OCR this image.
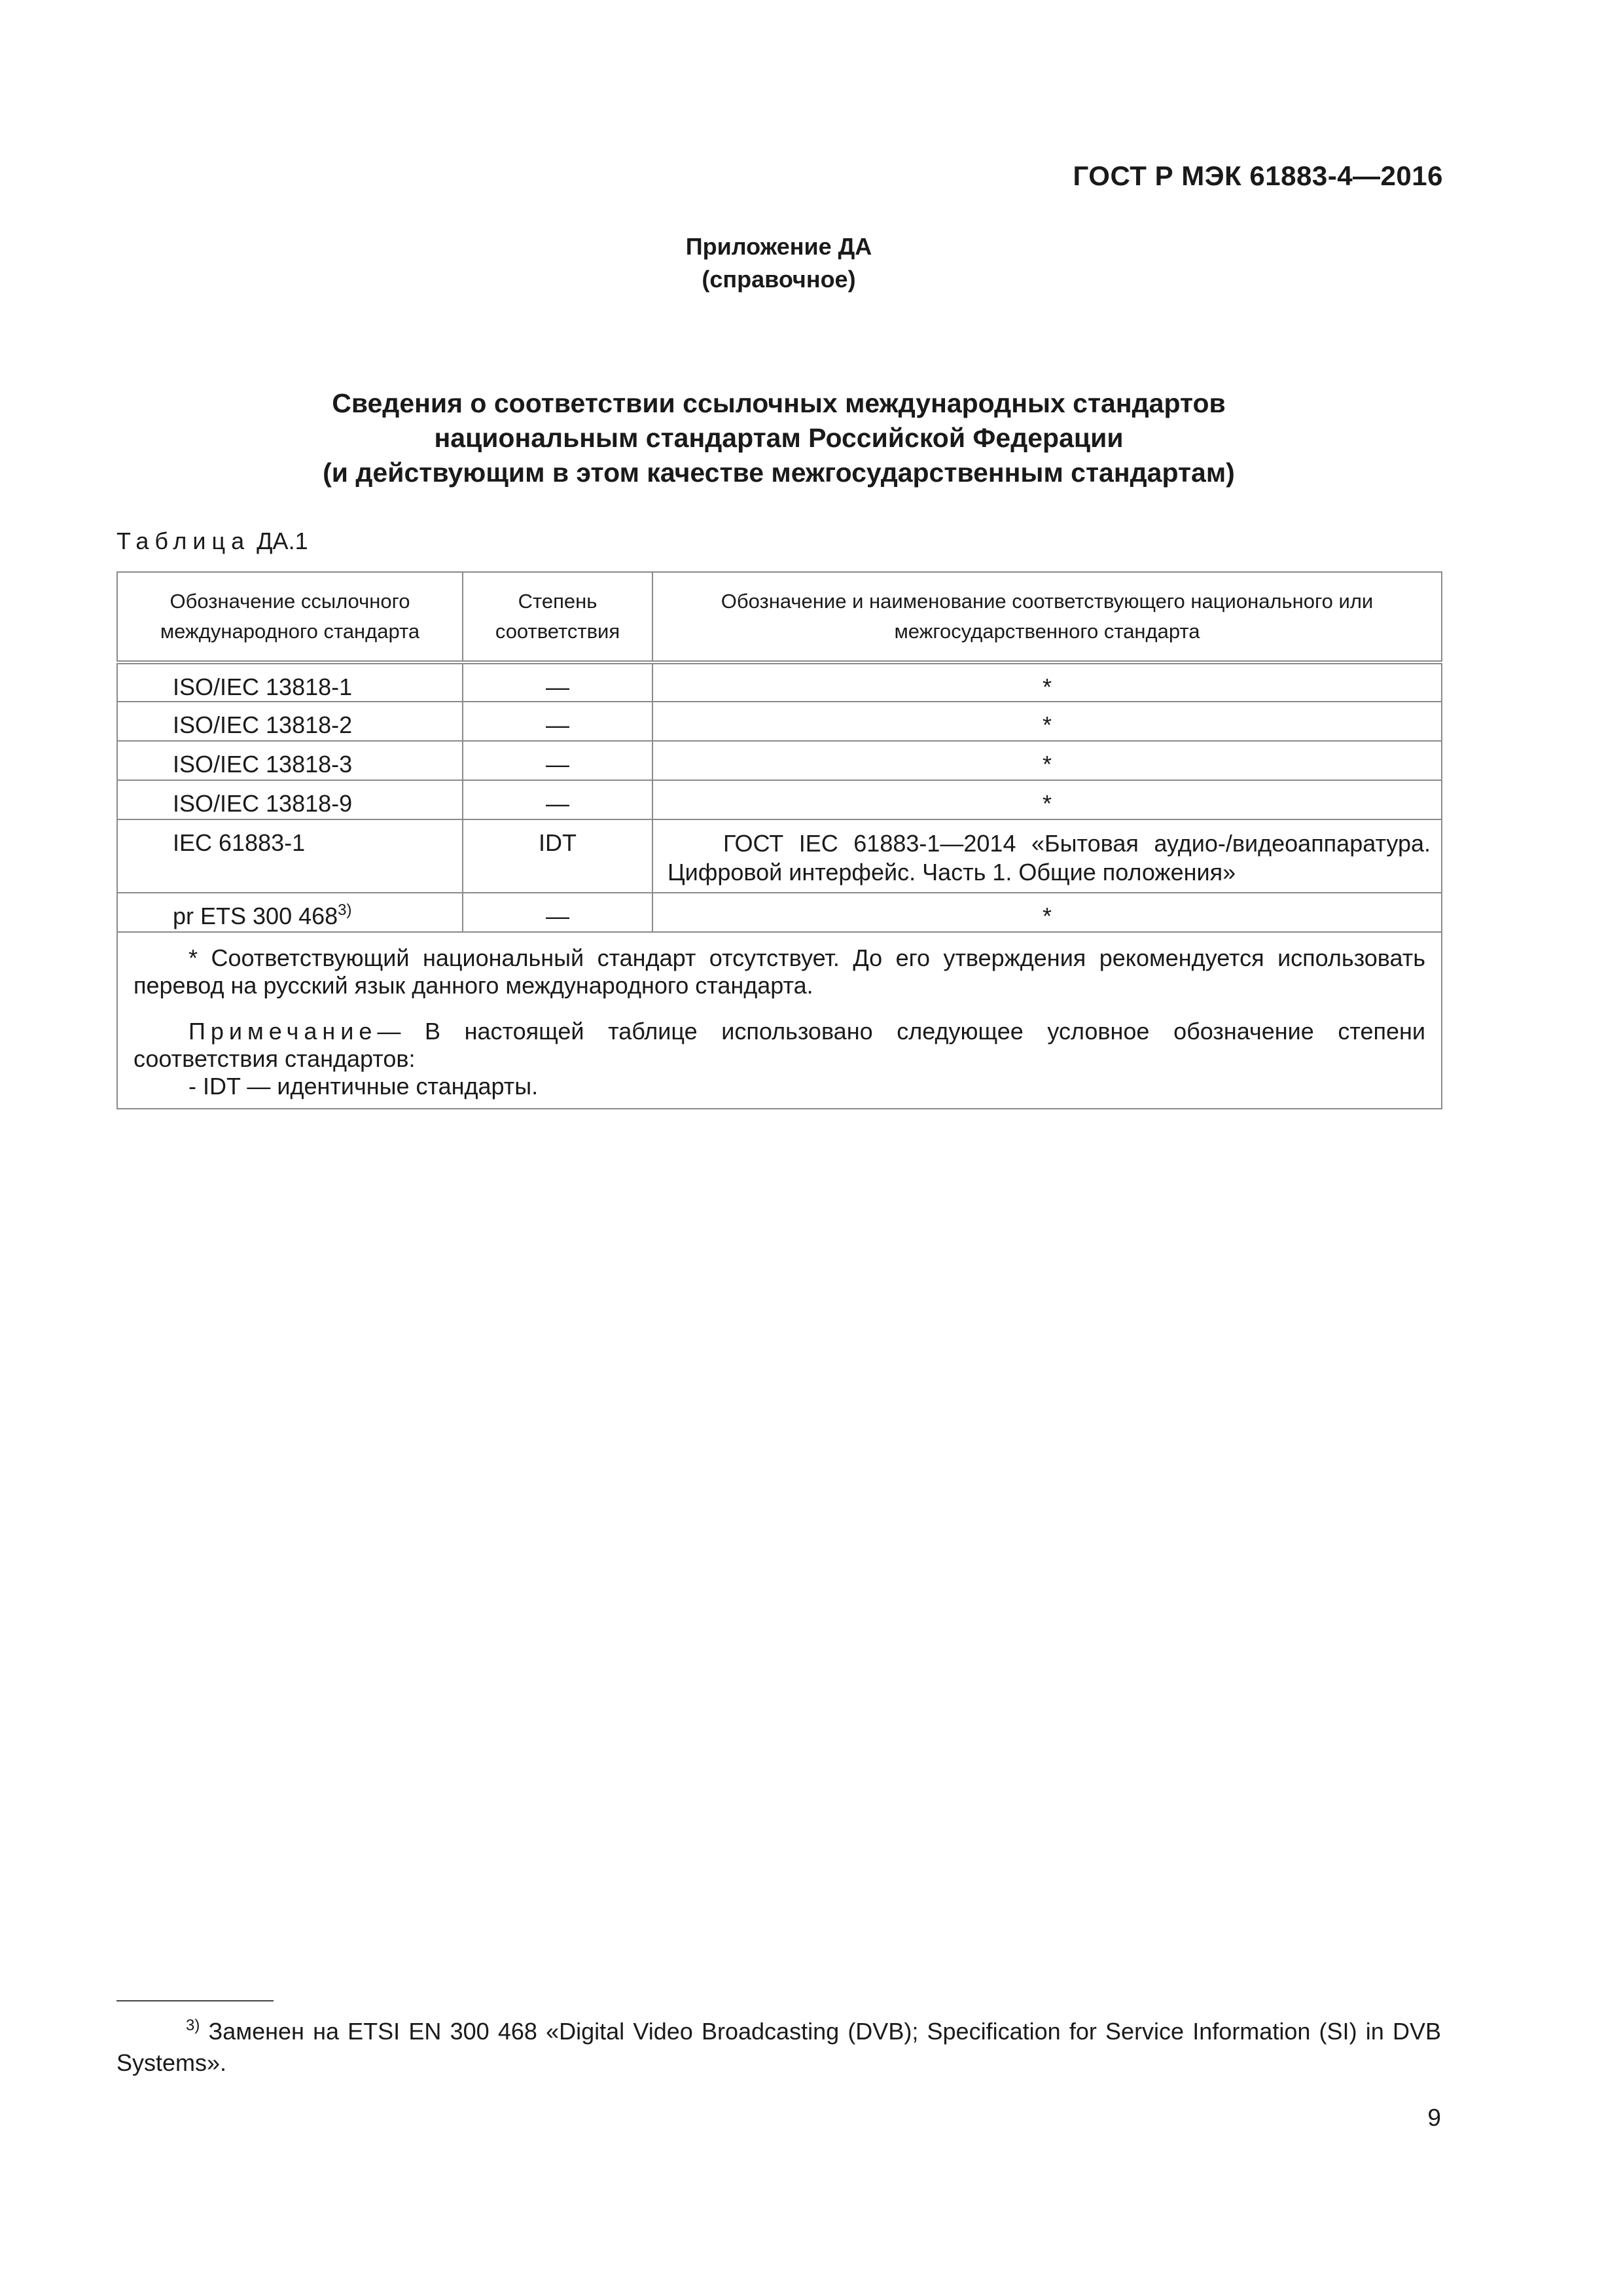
ГОСТ Р МЭК 61883-4—2016
Приложение ДА
(справочное)
Сведения о соответствии ссылочных международных стандартов
национальным стандартам Российской Федерации
(и действующим в этом качестве межгосударственным стандартам)
Таблица ДА.1
Обозначение ссылочного международного стандарта	Степень соответствия	Обозначение и наименование соответствующего национального или межгосударственного стандарта
ISO/IEC 13818-1	—	*
ISO/IEC 13818-2	—	*
ISO/IEC 13818-3	—	*
ISO/IEC 13818-9	—	*
IEC 61883-1	IDT	ГОСТ IEC 61883-1—2014 «Бытовая аудио-/видеоаппаратура. Цифровой интерфейс. Часть 1. Общие положения»
pr ETS 300 468$^{3)}$	—	*

* Соответствующий национальный стандарт отсутствует. До его утверждения рекомендуется использовать перевод на русский язык данного международного стандарта.

Примечание— В настоящей таблице использовано следующее условное обозначение степени соответствия стандартов:

- IDT — идентичные стандарты.		

$^{3)}$ Заменен на ETSI EN 300 468 «Digital Video Broadcasting (DVB); Specification for Service Information (SI) in DVB Systems».
9
